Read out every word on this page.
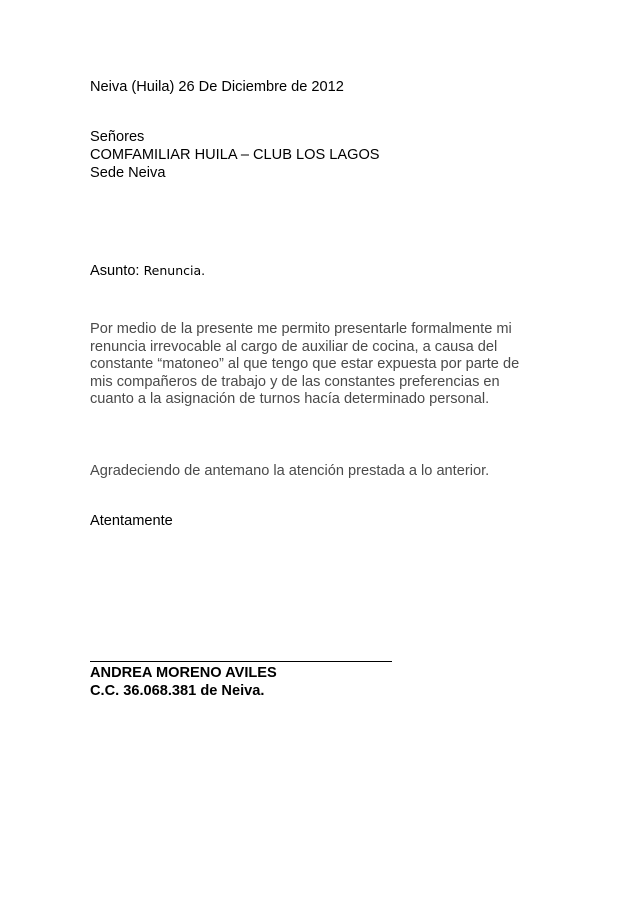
Neiva (Huila) 26 De Diciembre de 2012
Señores
COMFAMILIAR HUILA – CLUB LOS LAGOS
Sede Neiva
Asunto: Renuncia.
Por medio de la presente me permito presentarle formalmente mi
renuncia irrevocable al cargo de auxiliar de cocina, a causa del
constante “matoneo” al que tengo que estar expuesta por parte de
mis compañeros de trabajo y de las constantes preferencias en
cuanto a la asignación de turnos hacía determinado personal.
Agradeciendo de antemano la atención prestada a lo anterior.
Atentamente
ANDREA MORENO AVILES
C.C. 36.068.381 de Neiva.
